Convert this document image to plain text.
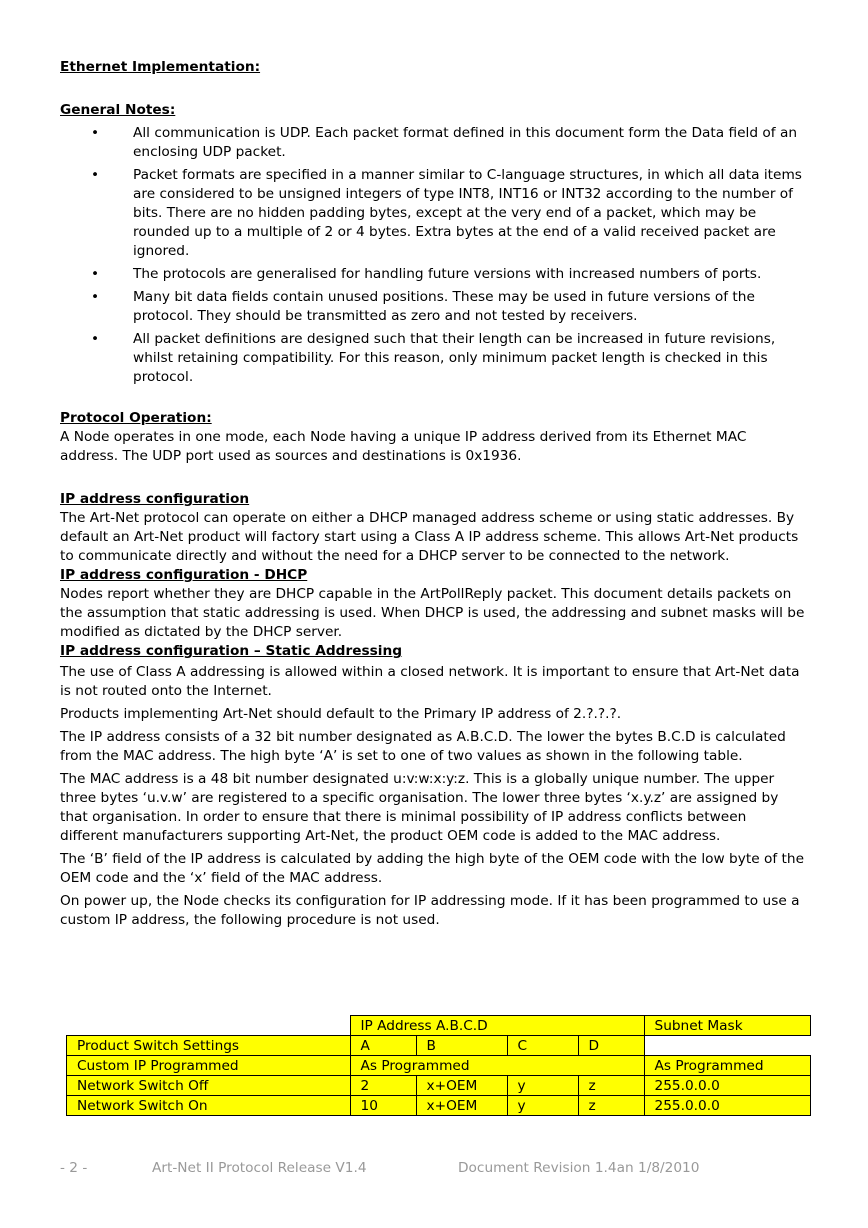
Ethernet Implementation:

General Notes:

• All communication is UDP. Each packet format defined in this document form the Data field of an enclosing UDP packet.
• Packet formats are specified in a manner similar to C-language structures, in which all data items are considered to be unsigned integers of type INT8, INT16 or INT32 according to the number of bits. There are no hidden padding bytes, except at the very end of a packet, which may be rounded up to a multiple of 2 or 4 bytes. Extra bytes at the end of a valid received packet are ignored.
• The protocols are generalised for handling future versions with increased numbers of ports.
• Many bit data fields contain unused positions. These may be used in future versions of the protocol. They should be transmitted as zero and not tested by receivers.
• All packet definitions are designed such that their length can be increased in future revisions, whilst retaining compatibility. For this reason, only minimum packet length is checked in this protocol.

Protocol Operation:

A Node operates in one mode, each Node having a unique IP address derived from its Ethernet MAC address. The UDP port used as sources and destinations is 0x1936.

IP address configuration

The Art-Net protocol can operate on either a DHCP managed address scheme or using static addresses. By default an Art-Net product will factory start using a Class A IP address scheme. This allows Art-Net products to communicate directly and without the need for a DHCP server to be connected to the network.

IP address configuration - DHCP

Nodes report whether they are DHCP capable in the ArtPollReply packet. This document details packets on the assumption that static addressing is used. When DHCP is used, the addressing and subnet masks will be modified as dictated by the DHCP server.

IP address configuration – Static Addressing

The use of Class A addressing is allowed within a closed network. It is important to ensure that Art-Net data is not routed onto the Internet.

Products implementing Art-Net should default to the Primary IP address of 2.?.?.?.

The IP address consists of a 32 bit number designated as A.B.C.D. The lower the bytes B.C.D is calculated from the MAC address. The high byte ‘A’ is set to one of two values as shown in the following table.

The MAC address is a 48 bit number designated u:v:w:x:y:z. This is a globally unique number. The upper three bytes ‘u.v.w’ are registered to a specific organisation. The lower three bytes ‘x.y.z’ are assigned by that organisation. In order to ensure that there is minimal possibility of IP address conflicts between different manufacturers supporting Art-Net, the product OEM code is added to the MAC address.

The ‘B’ field of the IP address is calculated by adding the high byte of the OEM code with the low byte of the OEM code and the ‘x’ field of the MAC address.

On power up, the Node checks its configuration for IP addressing mode. If it has been programmed to use a custom IP address, the following procedure is not used.

	IP Address A.B.C.D				Subnet Mask
Product Switch Settings	A	B	C	D	
Custom IP Programmed	As Programmed				As Programmed
Network Switch Off	2	x+OEM	y	z	255.0.0.0
Network Switch On	10	x+OEM	y	z	255.0.0.0
- 2 -	Art-Net II Protocol Release V1.4	Document Revision 1.4an 1/8/2010
